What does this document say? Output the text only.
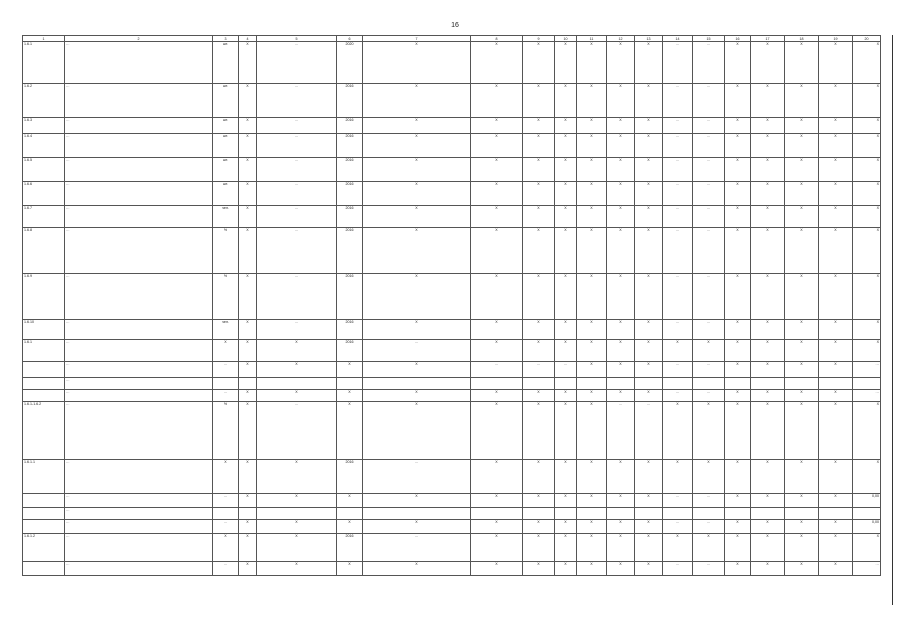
16
1	2	3	4	5	6	7	8	9	10	11	12	13	14	15	16	17	18	19	20
1.6.1	…	шт.	X	…	2020	X	X	X	X	X	X	X	…	…	X	X	X	X	X
1.6.2	…	шт.	X	…	2016	X	X	X	X	X	X	X	…	…	X	X	X	X	X
1.6.3	…	шт.	X	…	2016	X	X	X	X	X	X	X	…	…	X	X	X	X	X
1.6.4	…	шт.	X	…	2016	X	X	X	X	X	X	X	…	…	X	X	X	X	X
1.6.5	…	шт.	X	…	2016	X	X	X	X	X	X	X	…	…	X	X	X	X	X
1.6.6	…	шт.	X	…	2016	X	X	X	X	X	X	X	…	…	X	X	X	X	X
1.6.7	…	чел.	X	…	2016	X	X	X	X	X	X	X	…	…	X	X	X	X	X
1.6.8	…	%	X	…	2016	X	X	X	X	X	X	X	…	…	X	X	X	X	X
1.6.9	…	%	X	…	2016	X	X	X	X	X	X	X	…	…	X	X	X	X	X
1.6.10	…	чел.	X	…	2016	X	X	X	X	X	X	X	…	…	X	X	X	X	X
1.6.1	…	X	X	X	2016	…	X	X	X	X	X	X	X	X	X	X	X	X	X
	…	…	X	X	X	X	…	…	…	X	X	X	…	…	X	X	X	X	…
	…																		
	…	…	X	X	X	X	X	X	X	X	X	X	…	…	X	X	X	X	…
1.6.1-1.6.2	…	%	X	…	X	X	X	X	X	X	…	…	X	X	X	X	X	X	X
1.6.1.1	…	X	X	X	2016	…	X	X	X	X	X	X	X	X	X	X	X	X	X
	…	…	X	X	X	X	X	X	X	X	X	X	…	…	X	X	X	X	0,00
	…																		
	…	…	X	X	X	X	X	X	X	X	X	X	…	…	X	X	X	X	0,00
1.6.1.2	…	X	X	X	2016	…	X	X	X	X	X	X	X	X	X	X	X	X	X
	…	…	X	X	X	X	X	X	X	X	X	X	…	…	X	X	X	X	…
